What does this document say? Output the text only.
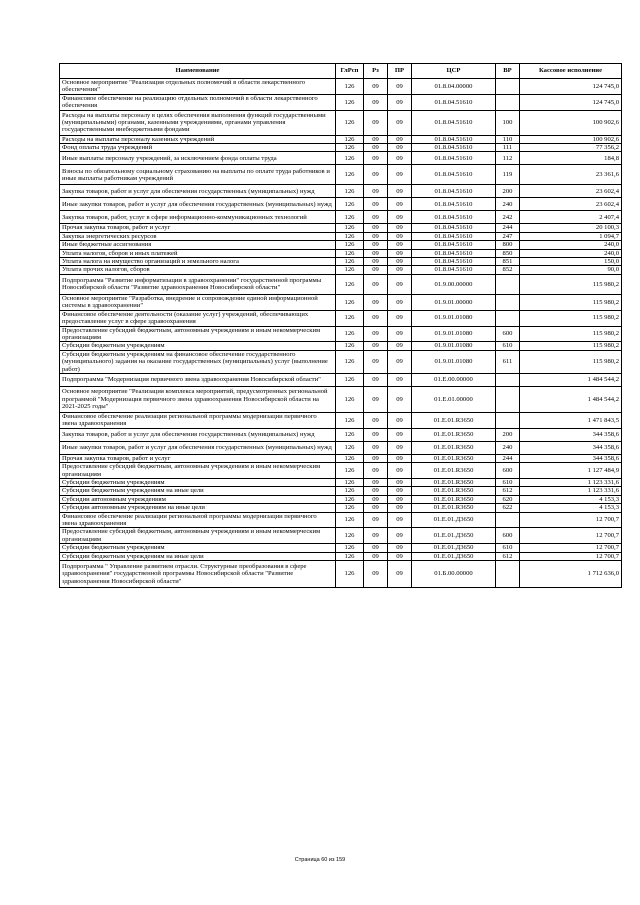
Наименование	ГлРсп	Рз	ПР	ЦСР	ВР	Кассовое исполнение
Основное мероприятие "Реализация отдельных полномочий в области лекарственного обеспечения"	126	09	09	01.8.04.00000		124 745,0
Финансовое обеспечение на реализацию отдельных полномочий в области лекарственного обеспечения	126	09	09	01.8.04.51610		124 745,0
Расходы на выплаты персоналу в целях обеспечения выполнения функций государственными (муниципальными) органами, казенными учреждениями, органами управления государственными внебюджетными фондами	126	09	09	01.8.04.51610	100	100 902,6
Расходы на выплаты персоналу казенных учреждений	126	09	09	01.8.04.51610	110	100 902,6
Фонд оплаты труда учреждений	126	09	09	01.8.04.51610	111	77 356,2
Иные выплаты персоналу учреждений, за исключением фонда оплаты труда	126	09	09	01.8.04.51610	112	184,8
Взносы по обязательному социальному страхованию на выплаты по оплате труда работников и иные выплаты работникам учреждений	126	09	09	01.8.04.51610	119	23 361,6
Закупка товаров, работ и услуг для обеспечения государственных (муниципальных) нужд	126	09	09	01.8.04.51610	200	23 602,4
Иные закупки товаров, работ и услуг для обеспечения государственных (муниципальных) нужд	126	09	09	01.8.04.51610	240	23 602,4
Закупка товаров, работ, услуг в сфере информационно-коммуникационных технологий	126	09	09	01.8.04.51610	242	2 407,4
Прочая закупка товаров, работ и услуг	126	09	09	01.8.04.51610	244	20 100,3
Закупка энергетических ресурсов	126	09	09	01.8.04.51610	247	1 094,7
Иные бюджетные ассигнования	126	09	09	01.8.04.51610	800	240,0
Уплата налогов, сборов и иных платежей	126	09	09	01.8.04.51610	850	240,0
Уплата налога на имущество организаций и земельного налога	126	09	09	01.8.04.51610	851	150,0
Уплата прочих налогов, сборов	126	09	09	01.8.04.51610	852	90,0
Подпрограмма "Развитие информатизации в здравоохранении" государственной программы Новосибирской области "Развитие здравоохранения Новосибирской области"	126	09	09	01.9.00.00000		115 980,2
Основное мероприятие "Разработка, внедрение и сопровождение единой информационной системы в здравоохранении"	126	09	09	01.9.01.00000		115 980,2
Финансовое обеспечение деятельности (оказание услуг) учреждений, обеспечивающих предоставление услуг в сфере здравоохранения	126	09	09	01.9.01.01080		115 980,2
Предоставление субсидий бюджетным, автономным учреждениям и иным некоммерческим организациям	126	09	09	01.9.01.01080	600	115 980,2
Субсидии бюджетным учреждениям	126	09	09	01.9.01.01080	610	115 980,2
Субсидии бюджетным учреждениям на финансовое обеспечение государственного (муниципального) задания на оказание государственных (муниципальных) услуг (выполнение работ)	126	09	09	01.9.01.01080	611	115 980,2
Подпрограмма "Модернизация первичного звена здравоохранения Новосибирской области"	126	09	09	01.E.00.00000		1 484 544,2
Основное мероприятие "Реализация комплекса мероприятий, предусмотренных региональной программой "Модернизация первичного звена здравоохранения Новосибирской области на 2021-2025 годы"	126	09	09	01.E.01.00000		1 484 544,2
Финансовое обеспечение реализации региональной программы модернизации первичного звена здравоохранения	126	09	09	01.E.01.R3650		1 471 843,5
Закупка товаров, работ и услуг для обеспечения государственных (муниципальных) нужд	126	09	09	01.E.01.R3650	200	344 358,6
Иные закупки товаров, работ и услуг для обеспечения государственных (муниципальных) нужд	126	09	09	01.E.01.R3650	240	344 358,6
Прочая закупка товаров, работ и услуг	126	09	09	01.E.01.R3650	244	344 358,6
Предоставление субсидий бюджетным, автономным учреждениям и иным некоммерческим организациям	126	09	09	01.E.01.R3650	600	1 127 484,9
Субсидии бюджетным учреждениям	126	09	09	01.E.01.R3650	610	1 123 331,6
Субсидии бюджетным учреждениям на иные цели	126	09	09	01.E.01.R3650	612	1 123 331,6
Субсидии автономным учреждениям	126	09	09	01.E.01.R3650	620	4 153,3
Субсидии автономным учреждениям на иные цели	126	09	09	01.E.01.R3650	622	4 153,3
Финансовое обеспечение реализации региональной программы модернизации первичного звена здравоохранения	126	09	09	01.E.01.Д3650		12 700,7
Предоставление субсидий бюджетным, автономным учреждениям и иным некоммерческим организациям	126	09	09	01.E.01.Д3650	600	12 700,7
Субсидии бюджетным учреждениям	126	09	09	01.E.01.Д3650	610	12 700,7
Субсидии бюджетным учреждениям на иные цели	126	09	09	01.E.01.Д3650	612	12 700,7
Подпрограмма " Управление развитием отрасли. Структурные преобразования в сфере здравоохранения" государственной программы Новосибирской области "Развитие здравоохранения Новосибирской области"	126	09	09	01.Б.00.00000		1 712 636,0
Страница 60 из 159
